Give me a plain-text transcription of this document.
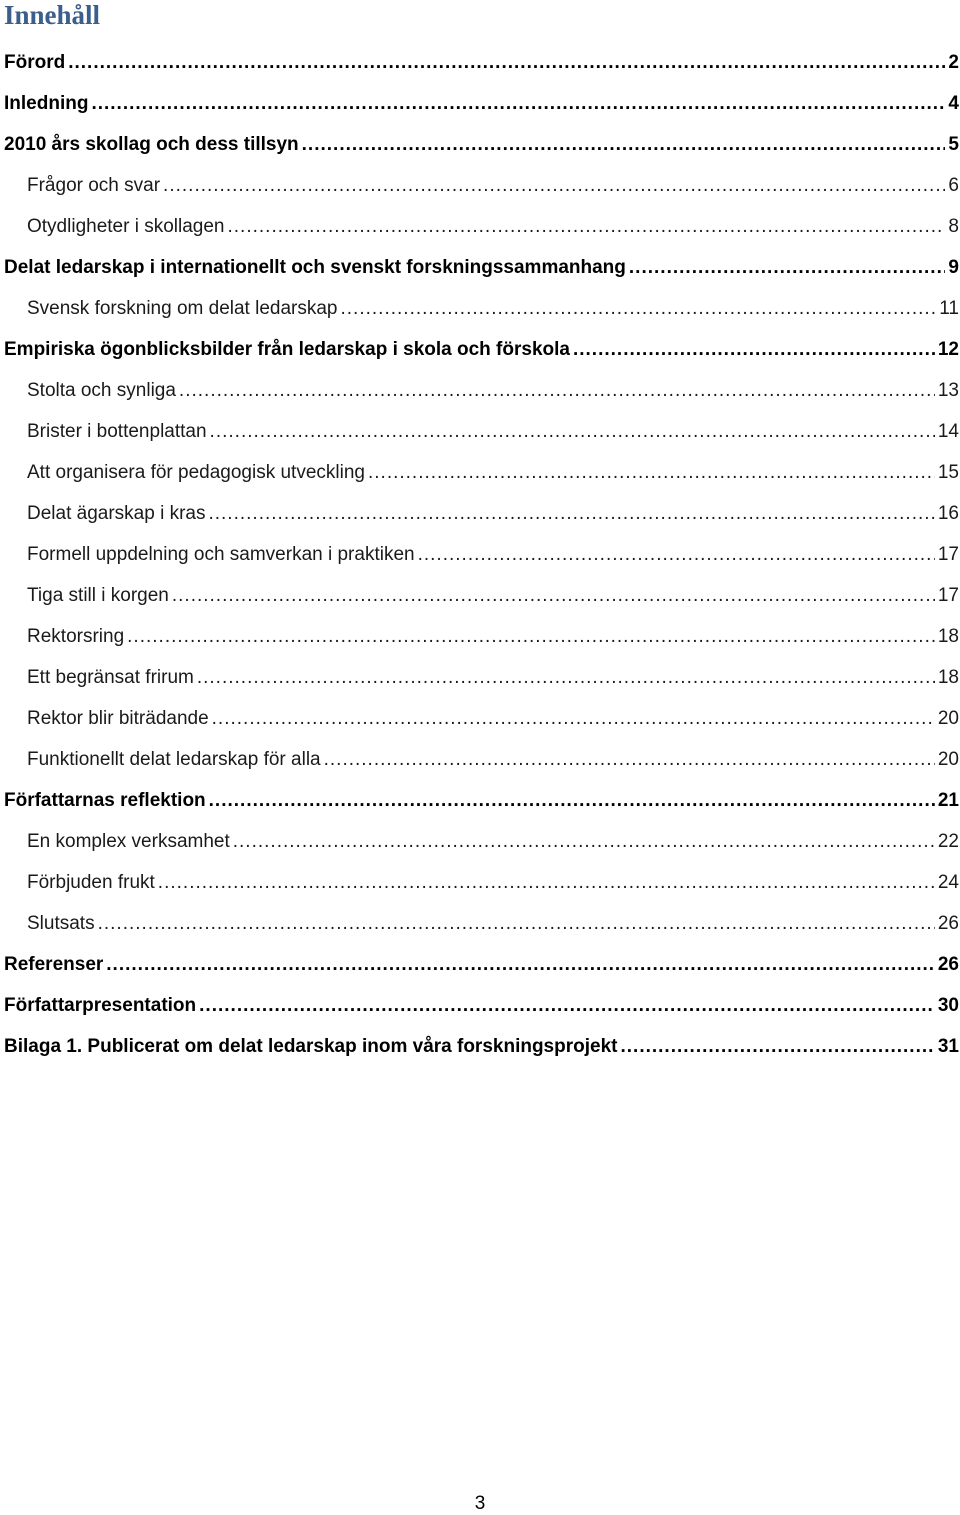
Innehåll
Förord .....	2
Inledning .....	4
2010 års skollag och dess tillsyn .....	5
Frågor och svar .....	6
Otydligheter i skollagen .....	8
Delat ledarskap i internationellt och svenskt forskningssammanhang .....	9
Svensk forskning om delat ledarskap .....	11
Empiriska ögonblicksbilder från ledarskap i skola och förskola .....	12
Stolta och synliga .....	13
Brister i bottenplattan .....	14
Att organisera för pedagogisk utveckling .....	15
Delat ägarskap i kras .....	16
Formell uppdelning och samverkan i praktiken .....	17
Tiga still i korgen .....	17
Rektorsring .....	18
Ett begränsat frirum .....	18
Rektor blir biträdande .....	20
Funktionellt delat ledarskap för alla .....	20
Författarnas reflektion .....	21
En komplex verksamhet .....	22
Förbjuden frukt .....	24
Slutsats .....	26
Referenser .....	26
Författarpresentation .....	30
Bilaga 1. Publicerat om delat ledarskap inom våra forskningsprojekt .....	31
3
